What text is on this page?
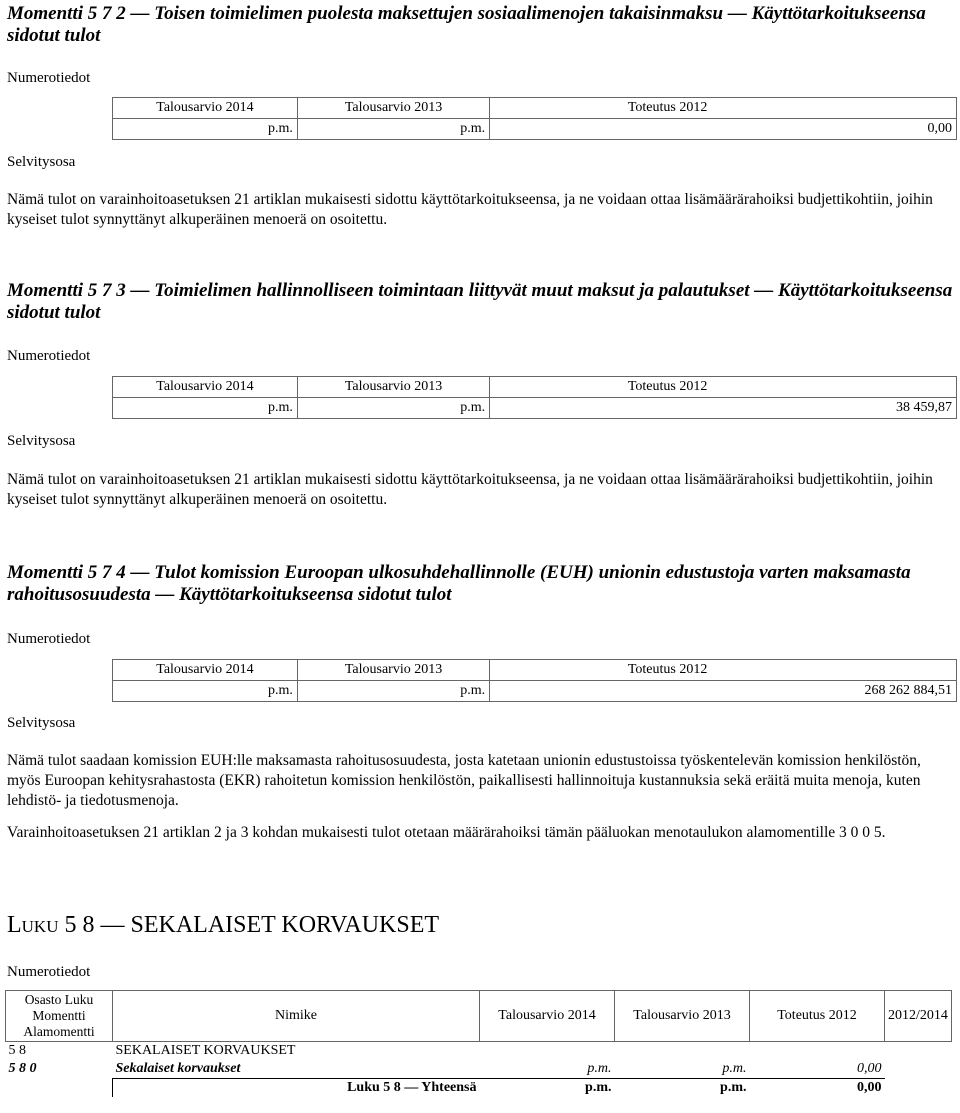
Momentti 5 7 2 — Toisen toimielimen puolesta maksettujen sosiaalimenojen takaisinmaksu — Käyttötarkoitukseensa sidotut tulot
Numerotiedot
Talousarvio 2014	Talousarvio 2013	Toteutus 2012
p.m.	p.m.	0,00
Selvitysosa

Nämä tulot on varainhoitoasetuksen 21 artiklan mukaisesti sidottu käyttötarkoitukseensa, ja ne voidaan ottaa lisämäärärahoiksi budjettikohtiin, joihin kyseiset tulot synnyttänyt alkuperäinen menoerä on osoitettu.

Momentti 5 7 3 — Toimielimen hallinnolliseen toimintaan liittyvät muut maksut ja palautukset — Käyttötarkoitukseensa sidotut tulot
Numerotiedot
Talousarvio 2014	Talousarvio 2013	Toteutus 2012
p.m.	p.m.	38 459,87
Selvitysosa

Nämä tulot on varainhoitoasetuksen 21 artiklan mukaisesti sidottu käyttötarkoitukseensa, ja ne voidaan ottaa lisämäärärahoiksi budjettikohtiin, joihin kyseiset tulot synnyttänyt alkuperäinen menoerä on osoitettu.

Momentti 5 7 4 — Tulot komission Euroopan ulkosuhdehallinnolle (EUH) unionin edustustoja varten maksamasta rahoitusosuudesta — Käyttötarkoitukseensa sidotut tulot
Numerotiedot
Talousarvio 2014	Talousarvio 2013	Toteutus 2012
p.m.	p.m.	268 262 884,51
Selvitysosa

Nämä tulot saadaan komission EUH:lle maksamasta rahoitusosuudesta, josta katetaan unionin edustustoissa työskentelevän komission henkilöstön, myös Euroopan kehitysrahastosta (EKR) rahoitetun komission henkilöstön, paikallisesti hallinnoituja kustannuksia sekä eräitä muita menoja, kuten lehdistö- ja tiedotusmenoja.

Varainhoitoasetuksen 21 artiklan 2 ja 3 kohdan mukaisesti tulot otetaan määrärahoiksi tämän pääluokan menotaulukon alamomentille 3 0 0 5.

Luku 5 8 — SEKALAISET KORVAUKSET
Numerotiedot
Osasto Luku
Momentti
Alamomentti	Nimike	Talousarvio 2014	Talousarvio 2013	Toteutus 2012	2012/2014
5 8	SEKALAISET KORVAUKSET				
5 8 0	Sekalaiset korvaukset	p.m.	p.m.	0,00	
	Luku 5 8 — Yhteensä	p.m.	p.m.	0,00	
